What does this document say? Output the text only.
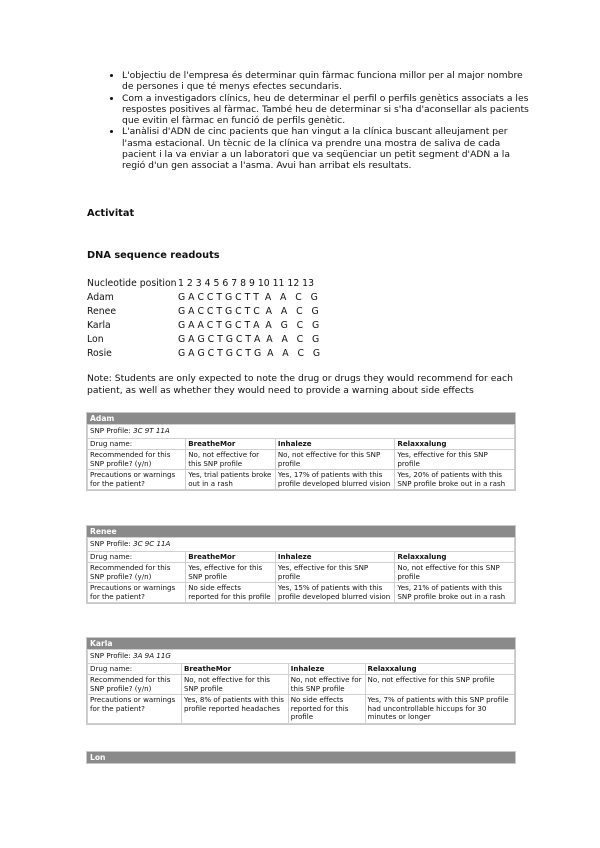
• L'objectiu de l'empresa és determinar quin fàrmac funciona millor per al major nombre de persones i que té menys efectes secundaris.
• Com a investigadors clínics, heu de determinar el perfil o perfils genètics associats a les respostes positives al fàrmac. També heu de determinar si s'ha d'aconsellar als pacients que evitin el fàrmac en funció de perfils genètic.
• L'anàlisi d'ADN de cinc pacients que han vingut a la clínica buscant alleujament per l'asma estacional. Un tècnic de la clínica va prendre una mostra de saliva de cada pacient i la va enviar a un laboratori que va seqüenciar un petit segment d'ADN a la regió d'un gen associat a l'asma. Avui han arribat els resultats.

Activitat

DNA sequence readouts

Nucleotide position	1 2 3 4 5 6 7 8 9 10 11 12 13
Adam	G A C C T G C T T  A   A   C   G
Renee	G A C C T G C T C  A   A   C   G
Karla	G A A C T G C T A  A   G   C   G
Lon	G A G C T G C T A  A   A   C   G
Rosie	G A G C T G C T G  A   A   C   G

Note: Students are only expected to note the drug or drugs they would recommend for each patient, as well as whether they would need to provide a warning about side effects

Adam
SNP Profile: 3C 9T 11A			
Drug name:	BreatheMor	Inhaleze	Relaxxalung
Recommended for this SNP profile? (y/n)	No, not effective for this SNP profile	No, not effective for this SNP profile	Yes, effective for this SNP profile
Precautions or warnings for the patient?	Yes, trial patients broke out in a rash	Yes, 17% of patients with this profile developed blurred vision	Yes, 20% of patients with this SNP profile broke out in a rash
Renee
SNP Profile: 3C 9C 11A			
Drug name:	BreatheMor	Inhaleze	Relaxxalung
Recommended for this SNP profile? (y/n)	Yes, effective for this SNP profile	Yes, effective for this SNP profile	No, not effective for this SNP profile
Precautions or warnings for the patient?	No side effects reported for this profile	Yes, 15% of patients with this profile developed blurred vision	Yes, 21% of patients with this SNP profile broke out in a rash
Karla
SNP Profile: 3A 9A 11G			
Drug name:	BreatheMor	Inhaleze	Relaxxalung
Recommended for this SNP profile? (y/n)	No, not effective for this SNP profile	No, not effective for this SNP profile	No, not effective for this SNP profile
Precautions or warnings for the patient?	Yes, 8% of patients with this profile reported headaches	No side effects reported for this profile	Yes, 7% of patients with this SNP profile had uncontrollable hiccups for 30 minutes or longer
Lon
